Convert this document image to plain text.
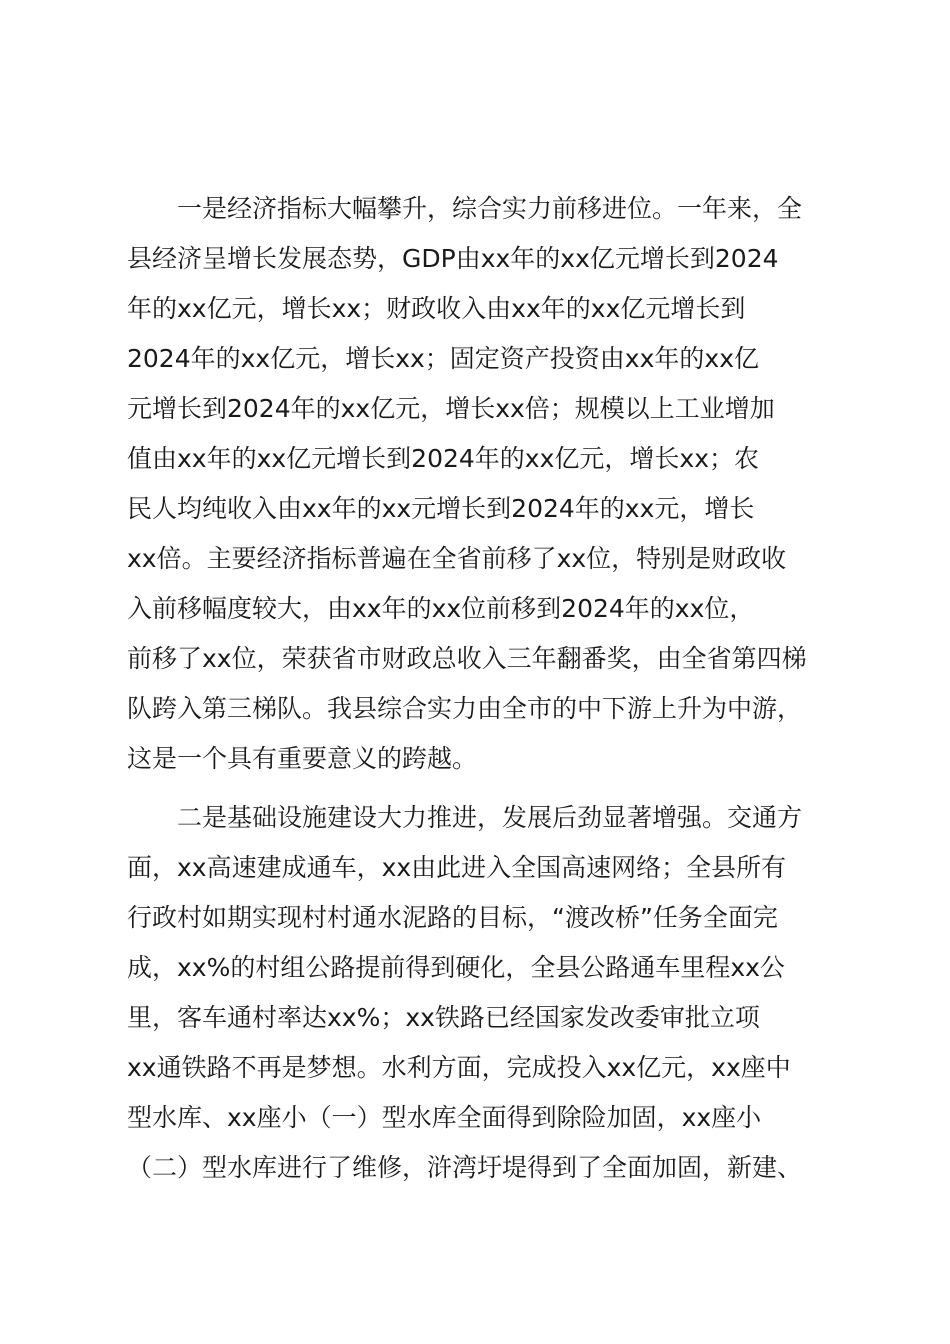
一是经济指标大幅攀升，综合实力前移进位。一年来，全
县经济呈增长发展态势，GDP由xx年的xx亿元增长到2024
年的xx亿元，增长xx；财政收入由xx年的xx亿元增长到
2024年的xx亿元，增长xx；固定资产投资由xx年的xx亿
元增长到2024年的xx亿元，增长xx倍；规模以上工业增加
值由xx年的xx亿元增长到2024年的xx亿元，增长xx；农
民人均纯收入由xx年的xx元增长到2024年的xx元，增长
xx倍。主要经济指标普遍在全省前移了xx位，特别是财政收
入前移幅度较大，由xx年的xx位前移到2024年的xx位，
前移了xx位，荣获省市财政总收入三年翻番奖，由全省第四梯
队跨入第三梯队。我县综合实力由全市的中下游上升为中游，
这是一个具有重要意义的跨越。
二是基础设施建设大力推进，发展后劲显著增强。交通方
面，xx高速建成通车，xx由此进入全国高速网络；全县所有
行政村如期实现村村通水泥路的目标，“渡改桥”任务全面完
成，xx%的村组公路提前得到硬化，全县公路通车里程xx公
里，客车通村率达xx%；xx铁路已经国家发改委审批立项
xx通铁路不再是梦想。水利方面，完成投入xx亿元，xx座中
型水库、xx座小（一）型水库全面得到除险加固，xx座小
（二）型水库进行了维修，浒湾圩堤得到了全面加固，新建、
